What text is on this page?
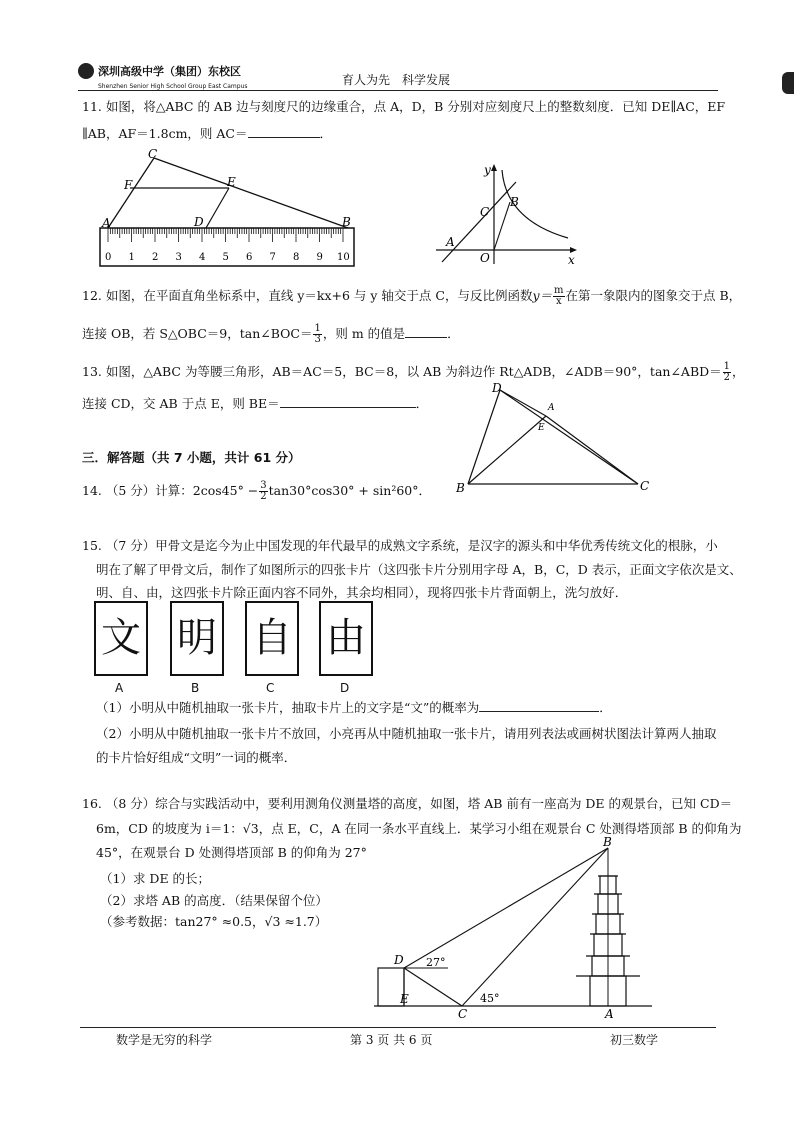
深圳高级中学（集团）东校区
Shenzhen Senior High School Group East Campus	育人为先　科学发展
11. 如图，将△ABC 的 AB 边与刻度尺的边缘重合，点 A，D，B 分别对应刻度尺上的整数刻度．已知 DE∥AC，EF
∥AB，AF＝1.8cm，则 AC＝	．
C
F	E
A	D	B
0 1 2 3 4 5 6 7 8 9 10
y
x
O
A
B
C
12. 如图，在平面直角坐标系中，直线 y＝kx+6 与 y 轴交于点 C，与反比例函数$y= \frac{m}{x}$ 在第一象限内的图象交于点 B，
连接 OB，若 S△OBC＝9，tan∠BOC＝ $\frac{1}{3}$ ，则 m 的值是	．
13. 如图，△ABC 为等腰三角形，AB＝AC＝5，BC＝8，以 AB 为斜边作 Rt△ADB，∠ADB＝90°，tan∠ABD＝ $\frac{1}{2}$ ，
连接 CD，交 AB 于点 E，则 BE＝	．
D
B	C
A
E
三．解答题（共 7 小题，共计 61 分）
14. （5 分）计算：$2\cos 45^\circ - \frac{3}{2} \tan 30^\circ\cos 30^\circ + \sin^260^\circ$．
15. （7 分）甲骨文是迄今为止中国发现的年代最早的成熟文字系统，是汉字的源头和中华优秀传统文化的根脉，小
明在了解了甲骨文后，制作了如图所示的四张卡片（这四张卡片分别用字母 A，B，C，D 表示，正面文字依次是文、
明、自、由，这四张卡片除正面内容不同外，其余均相同），现将四张卡片背面朝上，洗匀放好．
文 明 自 由
A	B	C	D
（1）小明从中随机抽取一张卡片，抽取卡片上的文字是“文”的概率为	．
（2）小明从中随机抽取一张卡片不放回，小亮再从中随机抽取一张卡片，请用列表法或画树状图法计算两人抽取
的卡片恰好组成“文明”一词的概率．
16. （8 分）综合与实践活动中，要利用测角仪测量塔的高度，如图，塔 AB 前有一座高为 DE 的观景台，已知 CD＝
6m，CD 的坡度为 i＝1：√3，点 E，C，A 在同一条水平直线上．某学习小组在观景台 C 处测得塔顶部 B 的仰角为
45°，在观景台 D 处测得塔顶部 B 的仰角为 27°
（1）求 DE 的长；
（2）求塔 AB 的高度．（结果保留个位）
（参考数据：tan27° ≈0.5，√3 ≈1.7）
B
D
E
C	A
27°
45°
数学是无穷的科学	第 3 页 共 6 页	初三数学
